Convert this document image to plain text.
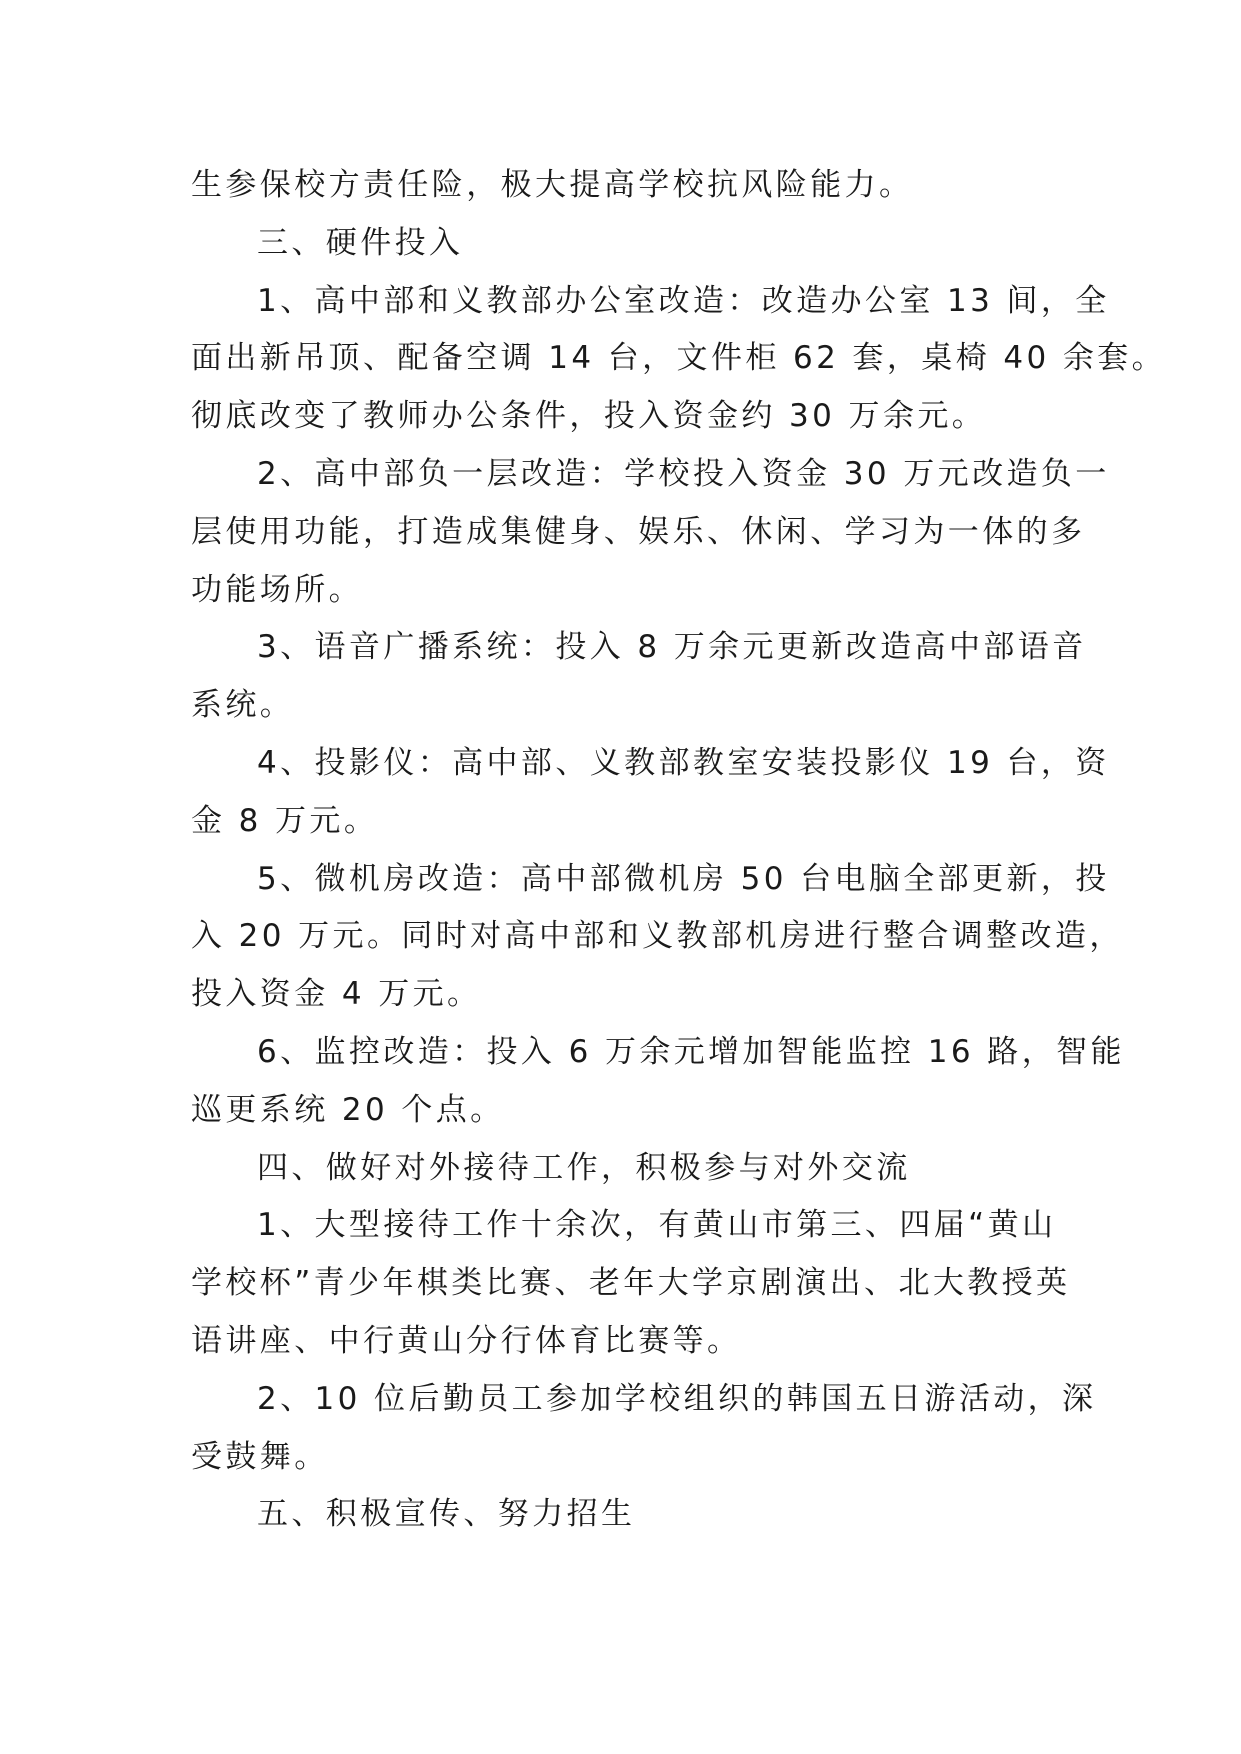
生参保校方责任险，极大提高学校抗风险能力。
三、硬件投入
1、高中部和义教部办公室改造：改造办公室 13 间，全
面出新吊顶、配备空调 14 台，文件柜 62 套，桌椅 40 余套。
彻底改变了教师办公条件，投入资金约 30 万余元。
2、高中部负一层改造：学校投入资金 30 万元改造负一
层使用功能，打造成集健身、娱乐、休闲、学习为一体的多
功能场所。
3、语音广播系统：投入 8 万余元更新改造高中部语音
系统。
4、投影仪：高中部、义教部教室安装投影仪 19 台，资
金 8 万元。
5、微机房改造：高中部微机房 50 台电脑全部更新，投
入 20 万元。同时对高中部和义教部机房进行整合调整改造，
投入资金 4 万元。
6、监控改造：投入 6 万余元增加智能监控 16 路，智能
巡更系统 20 个点。
四、做好对外接待工作，积极参与对外交流
1、大型接待工作十余次，有黄山市第三、四届“黄山
学校杯”青少年棋类比赛、老年大学京剧演出、北大教授英
语讲座、中行黄山分行体育比赛等。
2、10 位后勤员工参加学校组织的韩国五日游活动，深
受鼓舞。
五、积极宣传、努力招生
